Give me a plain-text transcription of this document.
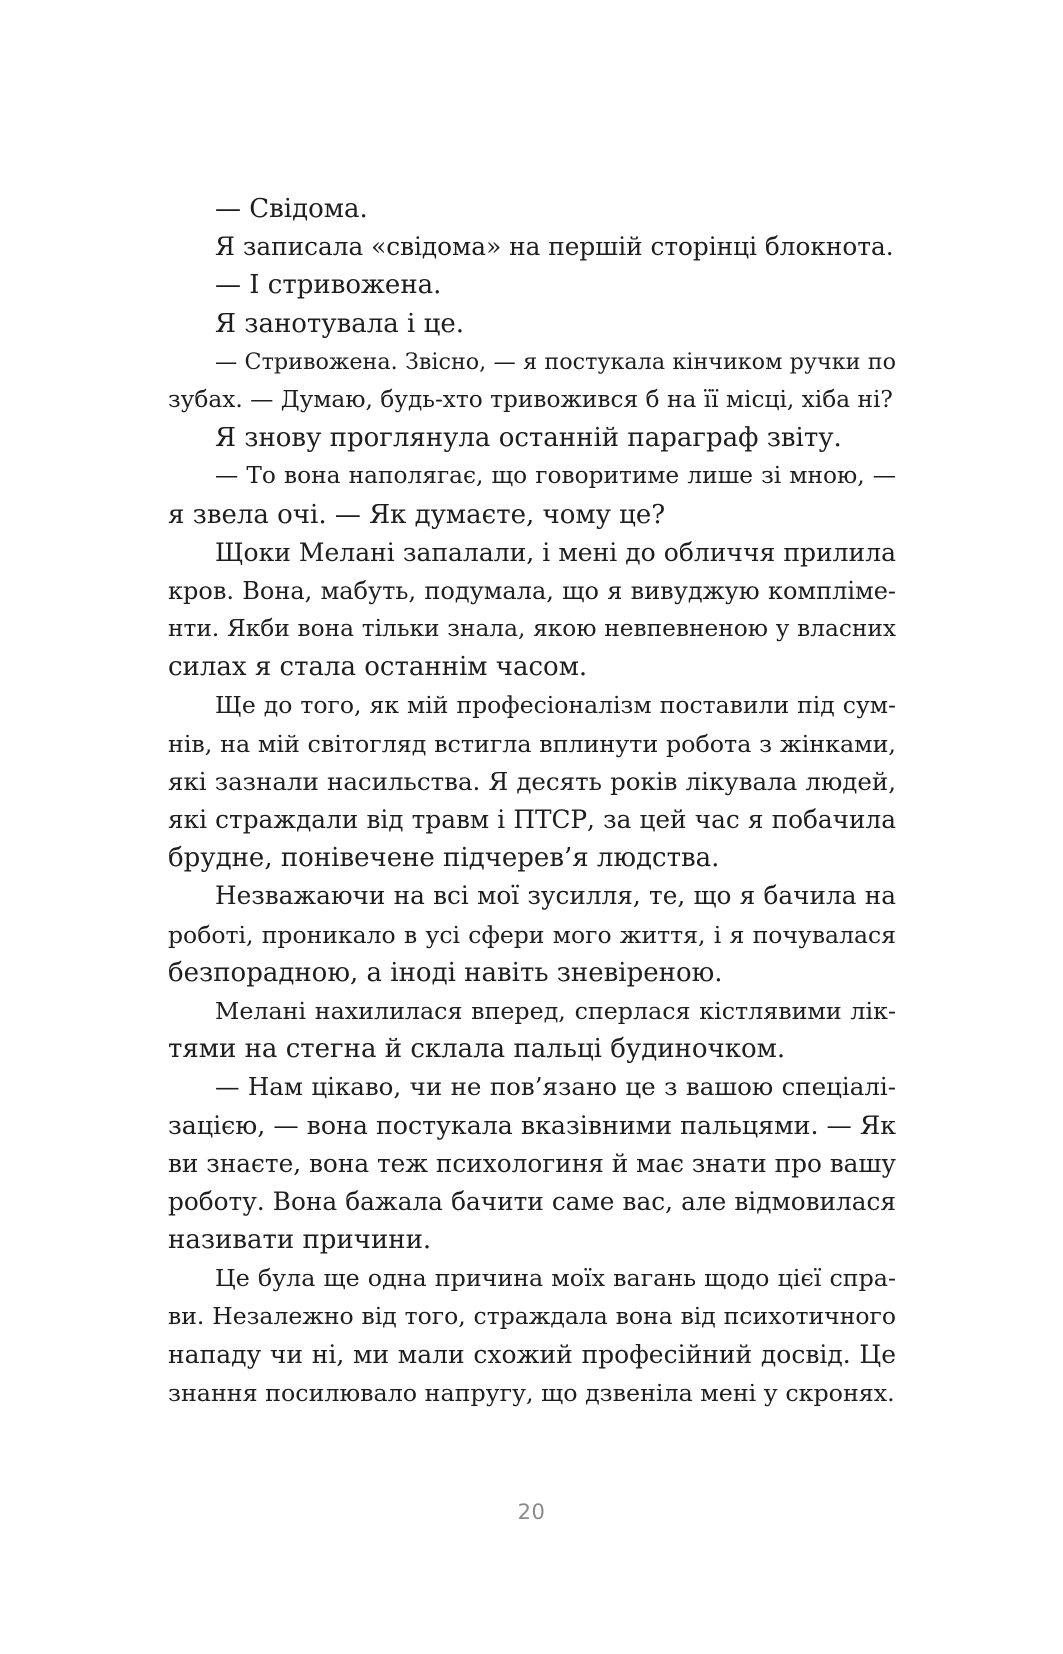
— Свідома.

Я записала «свідома» на першій сторінці блокнота.

— І стривожена.

Я занотувала і це.

— Стривожена. Звісно, — я постукала кінчиком ручки по
зубах. — Думаю, будь-хто тривожився б на її місці, хіба ні?

Я знову проглянула останній параграф звіту.

— То вона наполягає, що говоритиме лише зі мною, —
я звела очі. — Як думаєте, чому це?

Щоки Мелані запалали, і мені до обличчя прилила
кров. Вона, мабуть, подумала, що я вивуджую компліме-
нти. Якби вона тільки знала, якою невпевненою у власних
силах я стала останнім часом.

Ще до того, як мій професіоналізм поставили під сум-
нів, на мій світогляд встигла вплинути робота з жінками,
які зазнали насильства. Я десять років лікувала людей,
які страждали від травм і ПТСР, за цей час я побачила
брудне, понівечене підчерев’я людства.

Незважаючи на всі мої зусилля, те, що я бачила на
роботі, проникало в усі сфери мого життя, і я почувалася
безпорадною, а іноді навіть зневіреною.

Мелані нахилилася вперед, сперлася кістлявими лік-
тями на стегна й склала пальці будиночком.

— Нам цікаво, чи не пов’язано це з вашою спеціалі-
зацією, — вона постукала вказівними пальцями. — Як
ви знаєте, вона теж психологиня й має знати про вашу
роботу. Вона бажала бачити саме вас, але відмовилася
називати причини.

Це була ще одна причина моїх вагань щодо цієї спра-
ви. Незалежно від того, страждала вона від психотичного
нападу чи ні, ми мали схожий професійний досвід. Це
знання посилювало напругу, що дзвеніла мені у скронях.

20
